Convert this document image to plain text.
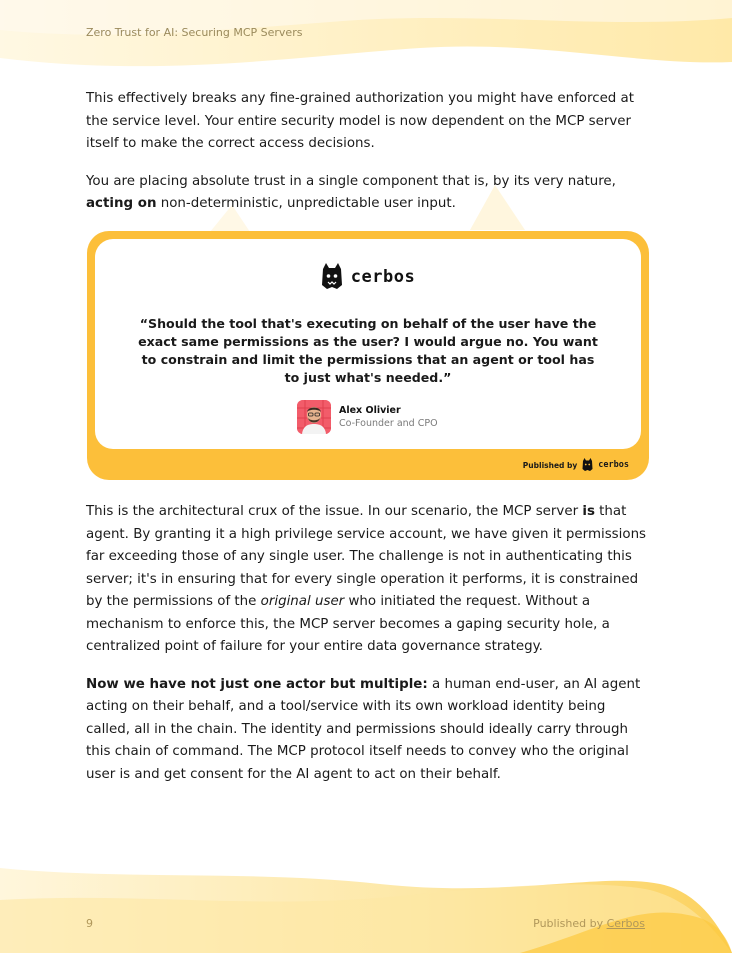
Zero Trust for AI: Securing MCP Servers

This effectively breaks any fine-grained authorization you might have enforced at the service level. Your entire security model is now dependent on the MCP server itself to make the correct access decisions.

You are placing absolute trust in a single component that is, by its very nature, acting on non-deterministic, unpredictable user input.

cerbos
“Should the tool that's executing on behalf of the user have the exact same permissions as the user? I would argue no. You want to constrain and limit the permissions that an agent or tool has to just what's needed.”
Alex Olivier
Co-Founder and CPO
Published by cerbos

This is the architectural crux of the issue. In our scenario, the MCP server is that agent. By granting it a high privilege service account, we have given it permissions far exceeding those of any single user. The challenge is not in authenticating this server; it's in ensuring that for every single operation it performs, it is constrained by the permissions of the original user who initiated the request. Without a mechanism to enforce this, the MCP server becomes a gaping security hole, a centralized point of failure for your entire data governance strategy.

Now we have not just one actor but multiple: a human end-user, an AI agent acting on their behalf, and a tool/service with its own workload identity being called, all in the chain. The identity and permissions should ideally carry through this chain of command. The MCP protocol itself needs to convey who the original user is and get consent for the AI agent to act on their behalf.

9	Published by Cerbos
